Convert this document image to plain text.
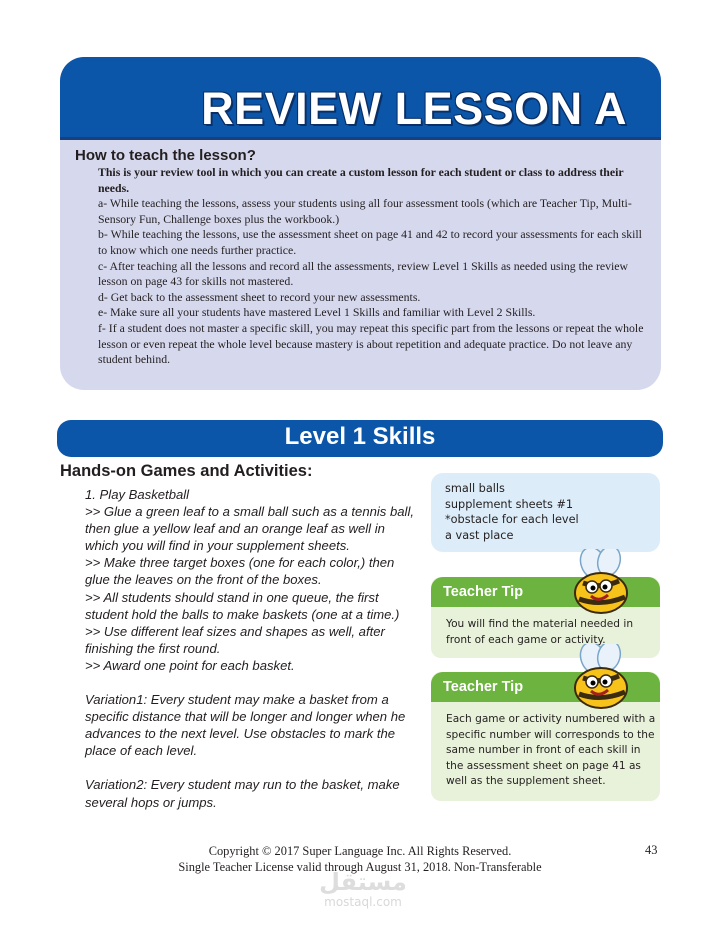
REVIEW LESSON A
How to teach the lesson?

This is your review tool in which you can create a custom lesson for each student or class to address their needs.

a- While teaching the lessons, assess your students using all four assessment tools (which are Teacher Tip, Multi-Sensory Fun, Challenge boxes plus the workbook.)

b- While teaching the lessons, use the assessment sheet on page 41 and 42 to record your assessments for each skill to know which one needs further practice.

c- After teaching all the lessons and record all the assessments, review Level 1 Skills as needed using the review lesson on page 43 for skills not mastered.

d- Get back to the assessment sheet to record your new assessments.

e- Make sure all your students have mastered Level 1 Skills and familiar with Level 2 Skills.

f- If a student does not master a specific skill, you may repeat this specific part from the lessons or repeat the whole lesson or even repeat the whole level because mastery is about repetition and adequate practice. Do not leave any student behind.

Level 1 Skills
Hands-on Games and Activities:

1. Play Basketball

>> Glue a green leaf to a small ball such as a tennis ball, then glue a yellow leaf and an orange leaf as well in which you will find in your supplement sheets.

>> Make three target boxes (one for each color,) then glue the leaves on the front of the boxes.

>> All students should stand in one queue, the first student hold the balls to make baskets (one at a time.)

>> Use different leaf sizes and shapes as well, after finishing the first round.

>> Award one point for each basket.

Variation1: Every student may make a basket from a specific distance that will be longer and longer when he advances to the next level. Use obstacles to mark the place of each level.

Variation2: Every student may run to the basket, make several hops or jumps.

small balls
supplement sheets #1
*obstacle for each level
a vast place
Teacher Tip
You will find the material needed in front of each game or activity.
Teacher Tip
Each game or activity numbered with a specific number will corresponds to the same number in front of each skill in the assessment sheet on page 41 as well as the supplement sheet.
Copyright © 2017 Super Language Inc. All Rights Reserved.
Single Teacher License valid through August 31, 2018. Non-Transferable
43
مستقل
mostaql.com
